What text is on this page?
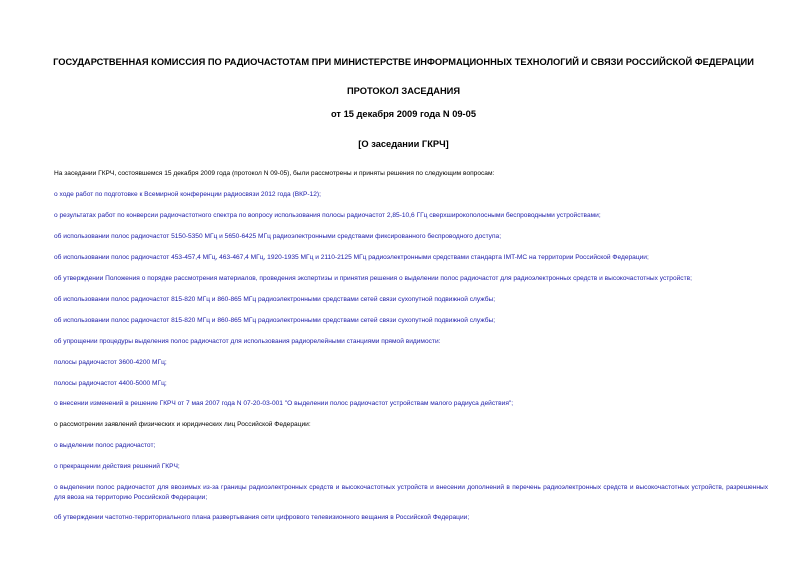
ГОСУДАРСТВЕННАЯ КОМИССИЯ ПО РАДИОЧАСТОТАМ ПРИ МИНИСТЕРСТВЕ ИНФОРМАЦИОННЫХ ТЕХНОЛОГИЙ И СВЯЗИ РОССИЙСКОЙ ФЕДЕРАЦИИ
ПРОТОКОЛ ЗАСЕДАНИЯ
от 15 декабря 2009 года N 09-05
[О заседании ГКРЧ]
На заседании ГКРЧ, состоявшемся 15 декабря 2009 года (протокол N 09-05), были рассмотрены и приняты решения по следующим вопросам:
о ходе работ по подготовке к Всемирной конференции радиосвязи 2012 года (ВКР-12);
о результатах работ по конверсии радиочастотного спектра по вопросу использования полосы радиочастот 2,85-10,6 ГГц сверхширокополосными беспроводными устройствами;
об использовании полос радиочастот 5150-5350 МГц и 5650-6425 МГц радиоэлектронными средствами фиксированного беспроводного доступа;
об использовании полос радиочастот 453-457,4 МГц, 463-467,4 МГц, 1920-1935 МГц и 2110-2125 МГц радиоэлектронными средствами стандарта IMT-MC на территории Российской Федерации;
об утверждении Положения о порядке рассмотрения материалов, проведения экспертизы и принятия решения о выделении полос радиочастот для радиоэлектронных средств и высокочастотных устройств;
об использовании полос радиочастот 815-820 МГц и 860-865 МГц радиоэлектронными средствами сетей связи сухопутной подвижной службы;
об использовании полос радиочастот 815-820 МГц и 860-865 МГц радиоэлектронными средствами сетей связи сухопутной подвижной службы;
об упрощении процедуры выделения полос радиочастот для использования радиорелейными станциями прямой видимости:
полосы радиочастот 3600-4200 МГц;
полосы радиочастот 4400-5000 МГц;
о внесении изменений в решение ГКРЧ от 7 мая 2007 года N 07-20-03-001 "О выделении полос радиочастот устройствам малого радиуса действия";
о рассмотрении заявлений физических и юридических лиц Российской Федерации:
о выделении полос радиочастот;
о прекращении действия решений ГКРЧ;
о выделении полос радиочастот для ввозимых из-за границы радиоэлектронных средств и высокочастотных устройств и внесении дополнений в перечень радиоэлектронных средств и высокочастотных устройств, разрешенных для ввоза на территорию Российской Федерации;
об утверждении частотно-территориального плана развертывания сети цифрового телевизионного вещания в Российской Федерации;
